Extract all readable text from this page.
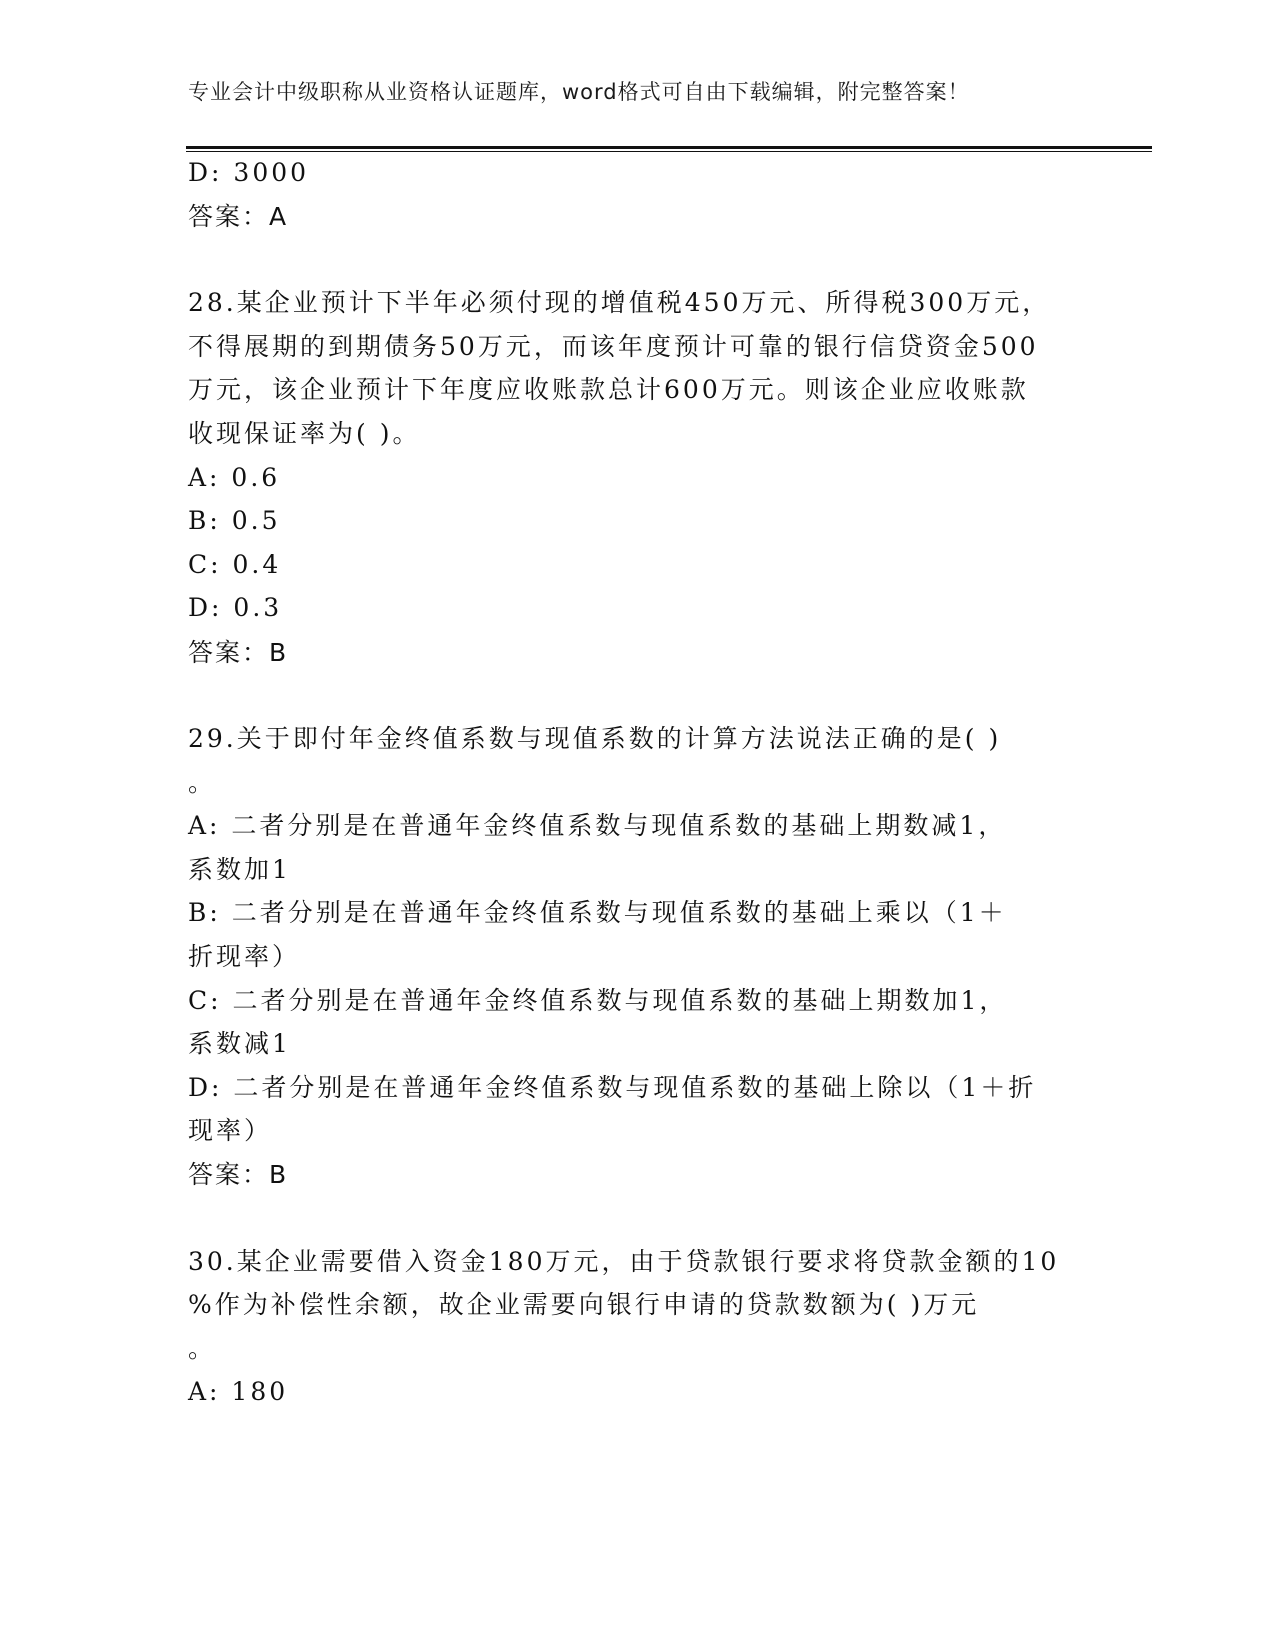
专业会计中级职称从业资格认证题库，word格式可自由下载编辑，附完整答案！
D: 3000
答案：A
28.某企业预计下半年必须付现的增值税450万元、所得税300万元，
不得展期的到期债务50万元，而该年度预计可靠的银行信贷资金500
万元，该企业预计下年度应收账款总计600万元。则该企业应收账款
收现保证率为( )。
A: 0.6
B: 0.5
C: 0.4
D: 0.3
答案：B
29.关于即付年金终值系数与现值系数的计算方法说法正确的是( )
。
A: 二者分别是在普通年金终值系数与现值系数的基础上期数减1，
系数加1
B: 二者分别是在普通年金终值系数与现值系数的基础上乘以（1＋
折现率）
C: 二者分别是在普通年金终值系数与现值系数的基础上期数加1，
系数减1
D: 二者分别是在普通年金终值系数与现值系数的基础上除以（1＋折
现率）
答案：B
30.某企业需要借入资金180万元，由于贷款银行要求将贷款金额的10
%作为补偿性余额，故企业需要向银行申请的贷款数额为( )万元
。
A: 180
